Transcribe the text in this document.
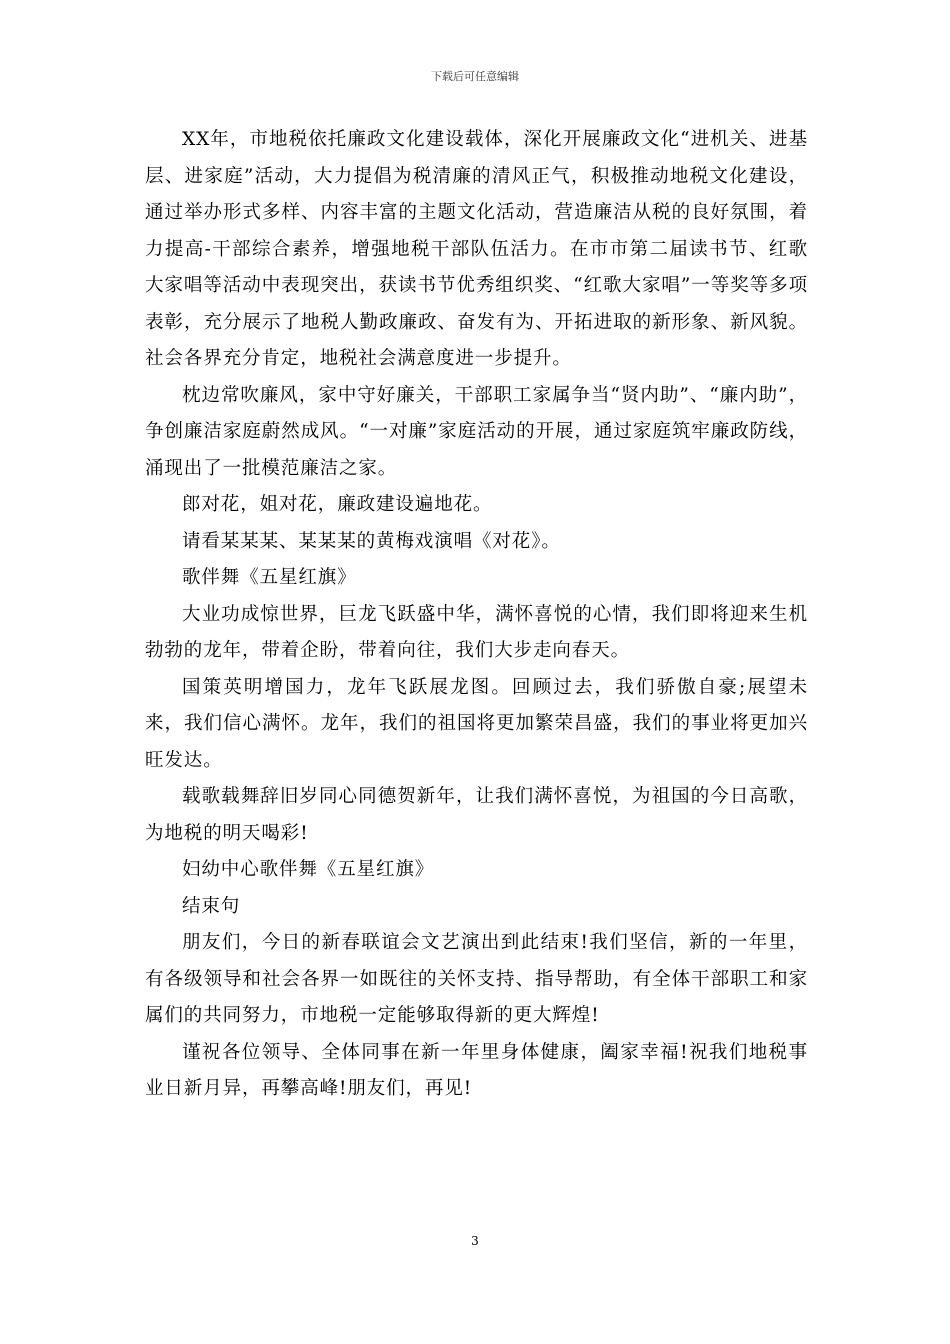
下载后可任意编辑

XX年，市地税依托廉政文化建设载体，深化开展廉政文化“进机关、进基层、进家庭”活动，大力提倡为税清廉的清风正气，积极推动地税文化建设，通过举办形式多样、内容丰富的主题文化活动，营造廉洁从税的良好氛围，着力提高-干部综合素养，增强地税干部队伍活力。在市市第二届读书节、红歌大家唱等活动中表现突出，获读书节优秀组织奖、“红歌大家唱”一等奖等多项表彰，充分展示了地税人勤政廉政、奋发有为、开拓进取的新形象、新风貌。社会各界充分肯定，地税社会满意度进一步提升。

枕边常吹廉风，家中守好廉关，干部职工家属争当“贤内助”、“廉内助”，争创廉洁家庭蔚然成风。“一对廉”家庭活动的开展，通过家庭筑牢廉政防线，涌现出了一批模范廉洁之家。

郎对花，姐对花，廉政建设遍地花。

请看某某某、某某某的黄梅戏演唱《对花》。

歌伴舞《五星红旗》

大业功成惊世界，巨龙飞跃盛中华，满怀喜悦的心情，我们即将迎来生机勃勃的龙年，带着企盼，带着向往，我们大步走向春天。

国策英明增国力，龙年飞跃展龙图。回顾过去，我们骄傲自豪;展望未来，我们信心满怀。龙年，我们的祖国将更加繁荣昌盛，我们的事业将更加兴旺发达。

载歌载舞辞旧岁同心同德贺新年，让我们满怀喜悦，为祖国的今日高歌，为地税的明天喝彩!

妇幼中心歌伴舞《五星红旗》

结束句

朋友们，今日的新春联谊会文艺演出到此结束!我们坚信，新的一年里，有各级领导和社会各界一如既往的关怀支持、指导帮助，有全体干部职工和家属们的共同努力，市地税一定能够取得新的更大辉煌!

谨祝各位领导、全体同事在新一年里身体健康，阖家幸福!祝我们地税事业日新月异，再攀高峰!朋友们，再见!

3
